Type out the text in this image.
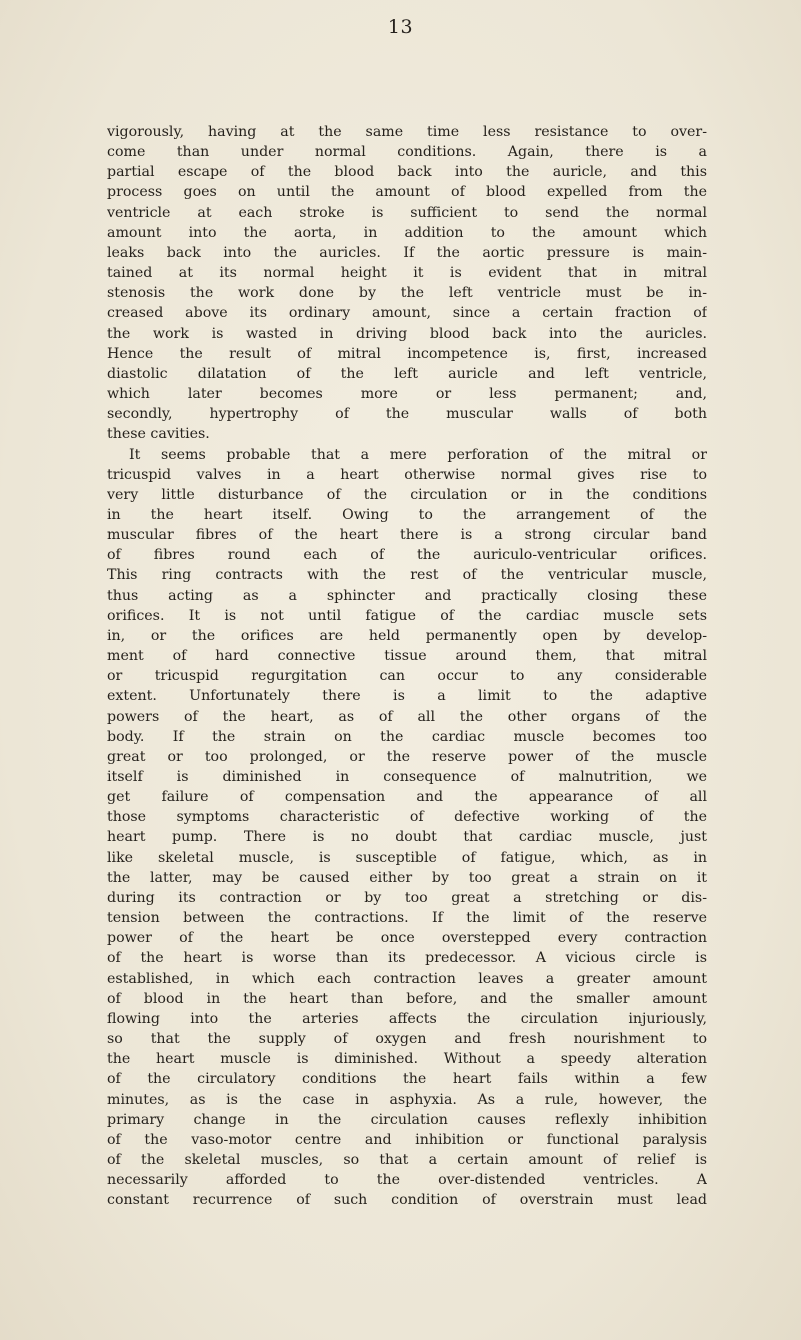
13
vigorously, having at the same time less resistance to over-
come than under normal conditions. Again, there is a
partial escape of the blood back into the auricle, and this
process goes on until the amount of blood expelled from the
ventricle at each stroke is sufficient to send the normal
amount into the aorta, in addition to the amount which
leaks back into the auricles. If the aortic pressure is main-
tained at its normal height it is evident that in mitral
stenosis the work done by the left ventricle must be in-
creased above its ordinary amount, since a certain fraction of
the work is wasted in driving blood back into the auricles.
Hence the result of mitral incompetence is, first, increased
diastolic dilatation of the left auricle and left ventricle,
which later becomes more or less permanent; and,
secondly, hypertrophy of the muscular walls of both
these cavities.
It seems probable that a mere perforation of the mitral or
tricuspid valves in a heart otherwise normal gives rise to
very little disturbance of the circulation or in the conditions
in the heart itself. Owing to the arrangement of the
muscular fibres of the heart there is a strong circular band
of fibres round each of the auriculo-ventricular orifices.
This ring contracts with the rest of the ventricular muscle,
thus acting as a sphincter and practically closing these
orifices. It is not until fatigue of the cardiac muscle sets
in, or the orifices are held permanently open by develop-
ment of hard connective tissue around them, that mitral
or tricuspid regurgitation can occur to any considerable
extent. Unfortunately there is a limit to the adaptive
powers of the heart, as of all the other organs of the
body. If the strain on the cardiac muscle becomes too
great or too prolonged, or the reserve power of the muscle
itself is diminished in consequence of malnutrition, we
get failure of compensation and the appearance of all
those symptoms characteristic of defective working of the
heart pump. There is no doubt that cardiac muscle, just
like skeletal muscle, is susceptible of fatigue, which, as in
the latter, may be caused either by too great a strain on it
during its contraction or by too great a stretching or dis-
tension between the contractions. If the limit of the reserve
power of the heart be once overstepped every contraction
of the heart is worse than its predecessor. A vicious circle is
established, in which each contraction leaves a greater amount
of blood in the heart than before, and the smaller amount
flowing into the arteries affects the circulation injuriously,
so that the supply of oxygen and fresh nourishment to
the heart muscle is diminished. Without a speedy alteration
of the circulatory conditions the heart fails within a few
minutes, as is the case in asphyxia. As a rule, however, the
primary change in the circulation causes reflexly inhibition
of the vaso-motor centre and inhibition or functional paralysis
of the skeletal muscles, so that a certain amount of relief is
necessarily afforded to the over-distended ventricles. A
constant recurrence of such condition of overstrain must lead
